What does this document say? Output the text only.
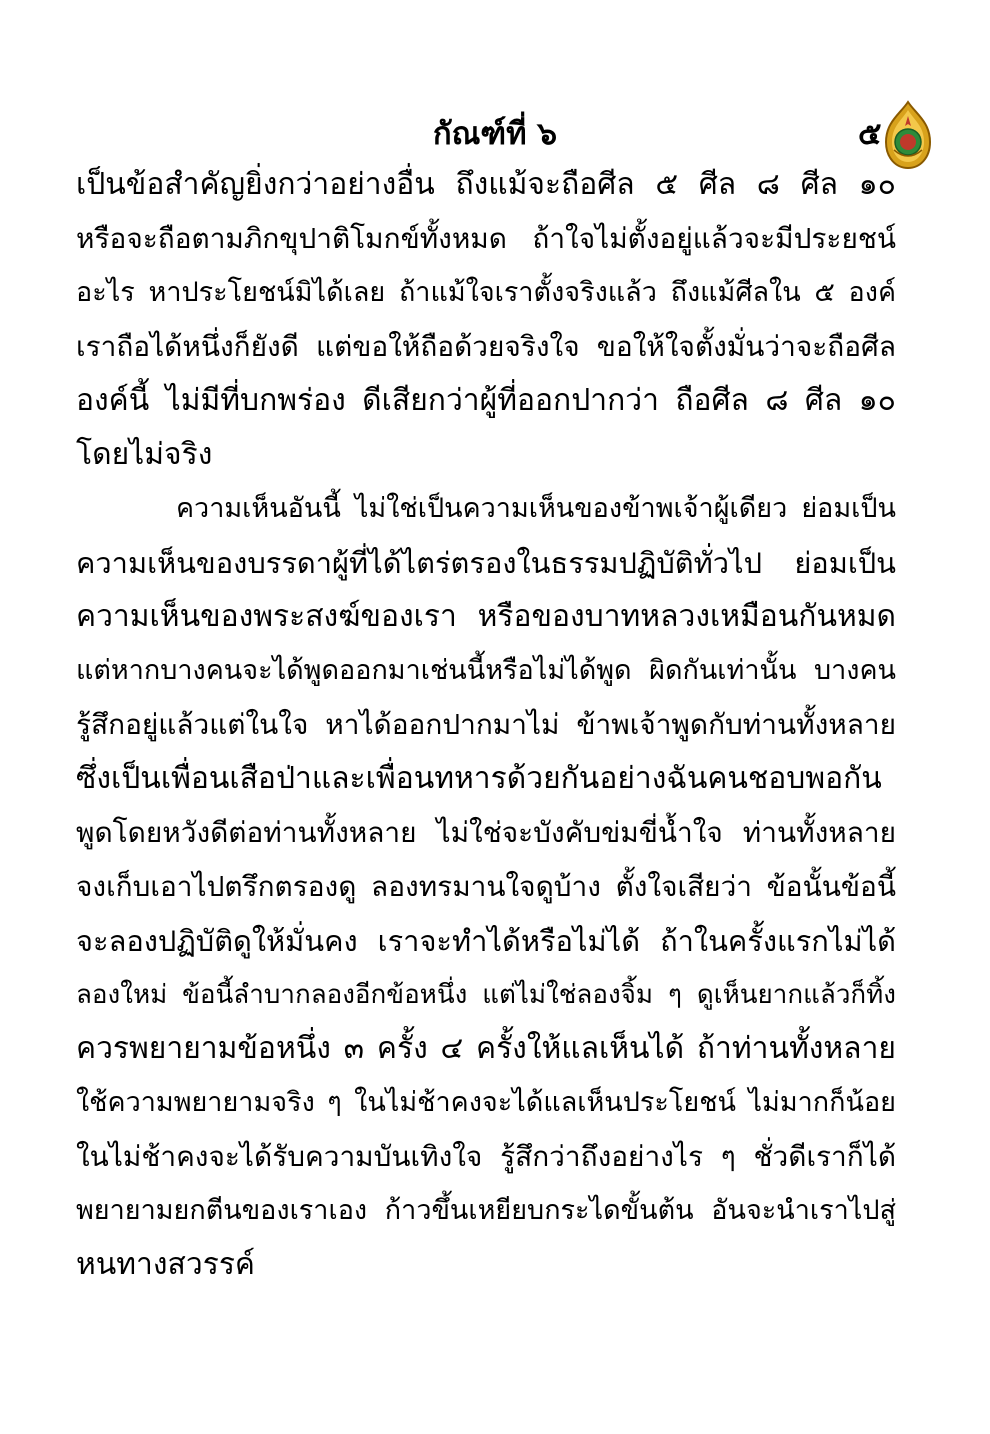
กัณฑ์ที่ ๖	๕
เป็นข้อสำคัญยิ่งกว่าอย่างอื่น ถึงแม้จะถือศีล ๕ ศีล ๘ ศีล ๑๐
หรือจะถือตามภิกขุปาติโมกข์ทั้งหมด ถ้าใจไม่ตั้งอยู่แล้วจะมีประยชน์
อะไร หาประโยชน์มิได้เลย ถ้าแม้ใจเราตั้งจริงแล้ว ถึงแม้ศีลใน ๕ องค์
เราถือได้หนึ่งก็ยังดี แต่ขอให้ถือด้วยจริงใจ ขอให้ใจตั้งมั่นว่าจะถือศีล
องค์นี้ ไม่มีที่บกพร่อง ดีเสียกว่าผู้ที่ออกปากว่า ถือศีล ๘ ศีล ๑๐
โดยไม่จริง
ความเห็นอันนี้ ไม่ใช่เป็นความเห็นของข้าพเจ้าผู้เดียว ย่อมเป็น
ความเห็นของบรรดาผู้ที่ได้ไตร่ตรองในธรรมปฏิบัติทั่วไป ย่อมเป็น
ความเห็นของพระสงฆ์ของเรา หรือของบาทหลวงเหมือนกันหมด
แต่หากบางคนจะได้พูดออกมาเช่นนี้หรือไม่ได้พูด ผิดกันเท่านั้น บางคน
รู้สึกอยู่แล้วแต่ในใจ หาได้ออกปากมาไม่ ข้าพเจ้าพูดกับท่านทั้งหลาย
ซึ่งเป็นเพื่อนเสือป่าและเพื่อนทหารด้วยกันอย่างฉันคนชอบพอกัน
พูดโดยหวังดีต่อท่านทั้งหลาย ไม่ใช่จะบังคับข่มขี่น้ำใจ ท่านทั้งหลาย
จงเก็บเอาไปตรึกตรองดู ลองทรมานใจดูบ้าง ตั้งใจเสียว่า ข้อนั้นข้อนี้
จะลองปฏิบัติดูให้มั่นคง เราจะทำได้หรือไม่ได้ ถ้าในครั้งแรกไม่ได้
ลองใหม่ ข้อนี้ลำบากลองอีกข้อหนึ่ง แต่ไม่ใช่ลองจิ้ม ๆ ดูเห็นยากแล้วก็ทิ้ง
ควรพยายามข้อหนึ่ง ๓ ครั้ง ๔ ครั้งให้แลเห็นได้ ถ้าท่านทั้งหลาย
ใช้ความพยายามจริง ๆ ในไม่ช้าคงจะได้แลเห็นประโยชน์ ไม่มากก็น้อย
ในไม่ช้าคงจะได้รับความบันเทิงใจ รู้สึกว่าถึงอย่างไร ๆ ชั่วดีเราก็ได้
พยายามยกตีนของเราเอง ก้าวขึ้นเหยียบกระไดขั้นต้น อันจะนำเราไปสู่
หนทางสวรรค์
